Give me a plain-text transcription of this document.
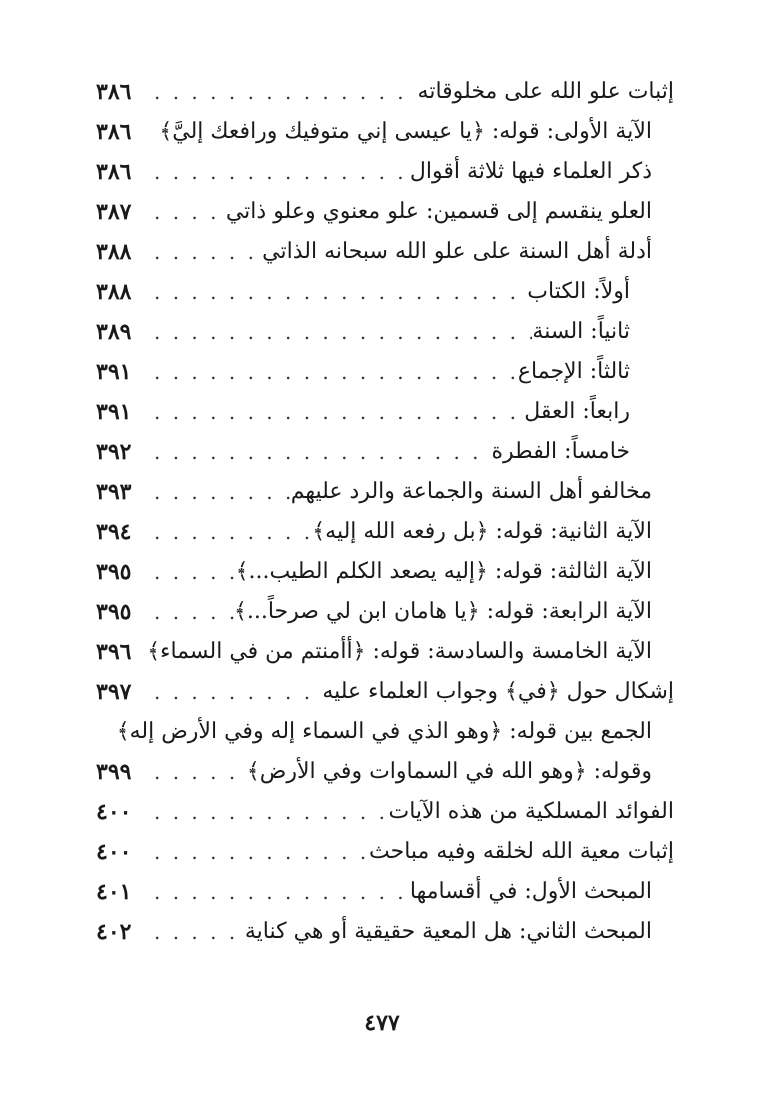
إثبات علو الله على مخلوقاته
. . .
٣٨٦
الآية الأولى: قوله: ﴿يا عيسى إني متوفيك ورافعك إليَّ﴾
٣٨٦
ذكر العلماء فيها ثلاثة أقوال
. . .
٣٨٦
العلو ينقسم إلى قسمين: علو معنوي وعلو ذاتي
. . .
٣٨٧
أدلة أهل السنة على علو الله سبحانه الذاتي
. . .
٣٨٨
أولاً: الكتاب
. . .
٣٨٨
ثانياً: السنة
. . .
٣٨٩
ثالثاً: الإجماع
. . .
٣٩١
رابعاً: العقل
. . .
٣٩١
خامساً: الفطرة
. . .
٣٩٢
مخالفو أهل السنة والجماعة والرد عليهم
. . .
٣٩٣
الآية الثانية: قوله: ﴿بل رفعه الله إليه﴾
. . .
٣٩٤
الآية الثالثة: قوله: ﴿إليه يصعد الكلم الطيب...﴾
. . .
٣٩٥
الآية الرابعة: قوله: ﴿يا هامان ابن لي صرحاً...﴾
. . .
٣٩٥
الآية الخامسة والسادسة: قوله: ﴿أأمنتم من في السماء﴾
٣٩٦
إشكال حول ﴿في﴾ وجواب العلماء عليه
. . .
٣٩٧
الجمع بين قوله: ﴿وهو الذي في السماء إله وفي الأرض إله﴾
وقوله: ﴿وهو الله في السماوات وفي الأرض﴾
. . .
٣٩٩
الفوائد المسلكية من هذه الآيات
. . .
٤٠٠
إثبات معية الله لخلقه وفيه مباحث
. . .
٤٠٠
المبحث الأول: في أقسامها
. . .
٤٠١
المبحث الثاني: هل المعية حقيقية أو هي كناية
. . .
٤٠٢
٤٧٧
